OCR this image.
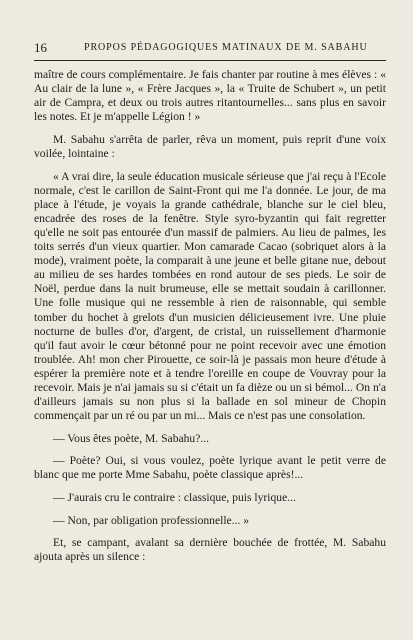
16	PROPOS PÉDAGOGIQUES MATINAUX DE M. SABAHU

maître de cours complémentaire. Je fais chanter par routine à mes élèves : « Au clair de la lune », « Frère Jacques », la « Truite de Schubert », un petit air de Campra, et deux ou trois autres ritantournelles... sans plus en savoir les notes. Et je m'appelle Légion ! »

M. Sabahu s'arrêta de parler, rêva un moment, puis reprit d'une voix voilée, lointaine :

« A vrai dire, la seule éducation musicale sérieuse que j'ai reçu à l'Ecole normale, c'est le carillon de Saint-Front qui me l'a donnée. Le jour, de ma place à l'étude, je voyais la grande cathédrale, blanche sur le ciel bleu, encadrée des roses de la fenêtre. Style syro-byzantin qui fait regretter qu'elle ne soit pas entourée d'un massif de palmiers. Au lieu de palmes, les toits serrés d'un vieux quartier. Mon camarade Cacao (sobriquet alors à la mode), vraiment poète, la comparait à une jeune et belle gitane nue, debout au milieu de ses hardes tombées en rond autour de ses pieds. Le soir de Noël, perdue dans la nuit brumeuse, elle se mettait soudain à carillonner. Une folle musique qui ne ressemble à rien de raisonnable, qui semble tomber du hochet à grelots d'un musicien délicieusement ivre. Une pluie nocturne de bulles d'or, d'argent, de cristal, un ruissellement d'harmonie qu'il faut avoir le cœur bétonné pour ne point recevoir avec une émotion troublée. Ah! mon cher Pirouette, ce soir-là je passais mon heure d'étude à espérer la première note et à tendre l'oreille en coupe de Vouvray pour la recevoir. Mais je n'ai jamais su si c'était un fa dièze ou un si bémol... On n'a d'ailleurs jamais su non plus si la ballade en sol mineur de Chopin commençait par un ré ou par un mi... Mais ce n'est pas une consolation.

— Vous êtes poète, M. Sabahu?...

— Poète? Oui, si vous voulez, poète lyrique avant le petit verre de blanc que me porte Mme Sabahu, poète classique après!...

— J'aurais cru le contraire : classique, puis lyrique...

— Non, par obligation professionnelle... »

Et, se campant, avalant sa dernière bouchée de frottée, M. Sabahu ajouta après un silence :
